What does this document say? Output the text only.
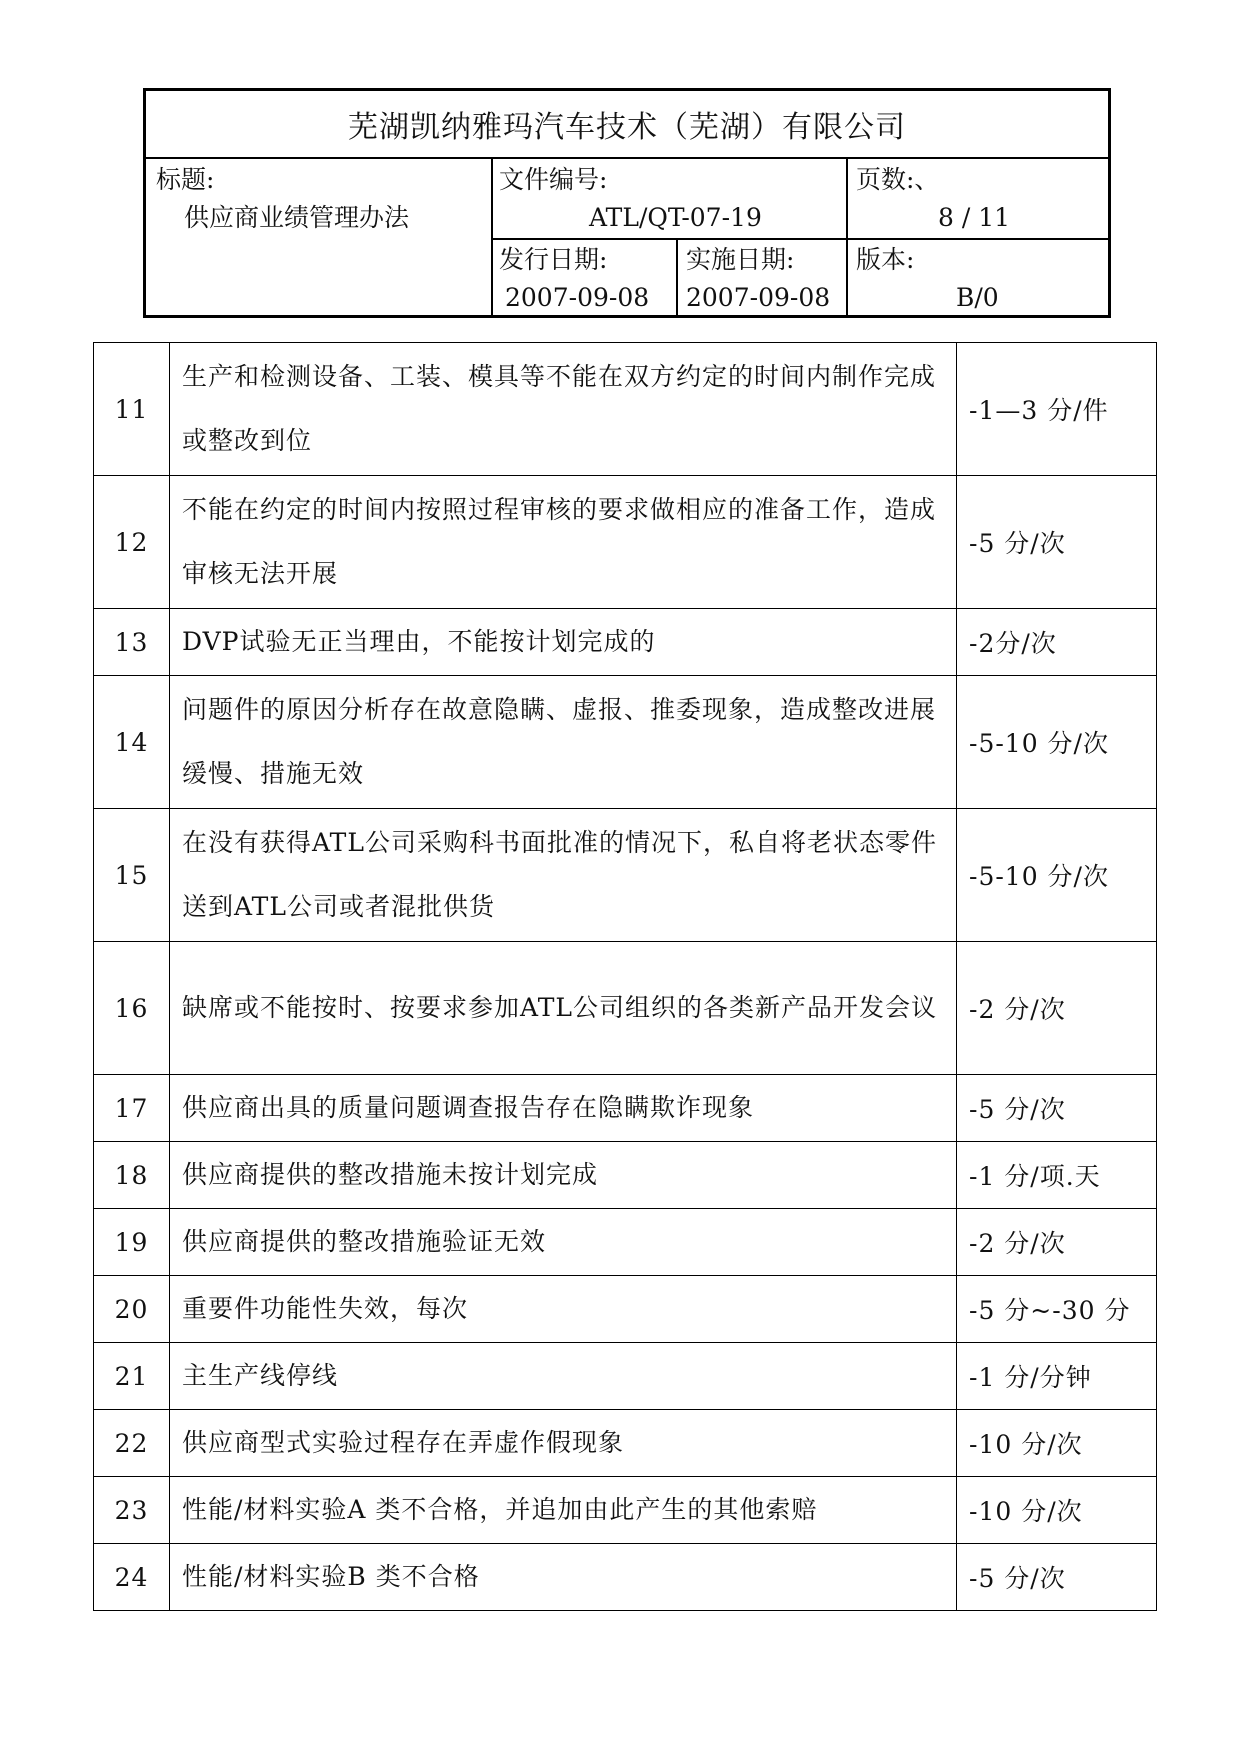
芜湖凯纳雅玛汽车技术（芜湖）有限公司
标题:
供应商业绩管理办法
文件编号:
ATL/QT-07-19
页数:、
8 / 11
发行日期:
2007-09-08
实施日期:
2007-09-08
版本:
B/0
11	生产和检测设备、工装、模具等不能在双方约定的时间内制作完成或整改到位	-1—3 分/件
12	不能在约定的时间内按照过程审核的要求做相应的准备工作，造成审核无法开展	-5 分/次
13	DVP试验无正当理由，不能按计划完成的	-2分/次
14	问题件的原因分析存在故意隐瞒、虚报、推委现象，造成整改进展缓慢、措施无效	-5-10 分/次
15	在没有获得ATL公司采购科书面批准的情况下，私自将老状态零件送到ATL公司或者混批供货	-5-10 分/次
16	缺席或不能按时、按要求参加ATL公司组织的各类新产品开发会议	-2 分/次
17	供应商出具的质量问题调查报告存在隐瞒欺诈现象	-5 分/次
18	供应商提供的整改措施未按计划完成	-1 分/项.天
19	供应商提供的整改措施验证无效	-2 分/次
20	重要件功能性失效，每次	-5 分~-30 分
21	主生产线停线	-1 分/分钟
22	供应商型式实验过程存在弄虚作假现象	-10 分/次
23	性能/材料实验A 类不合格，并追加由此产生的其他索赔	-10 分/次
24	性能/材料实验B 类不合格	-5 分/次
